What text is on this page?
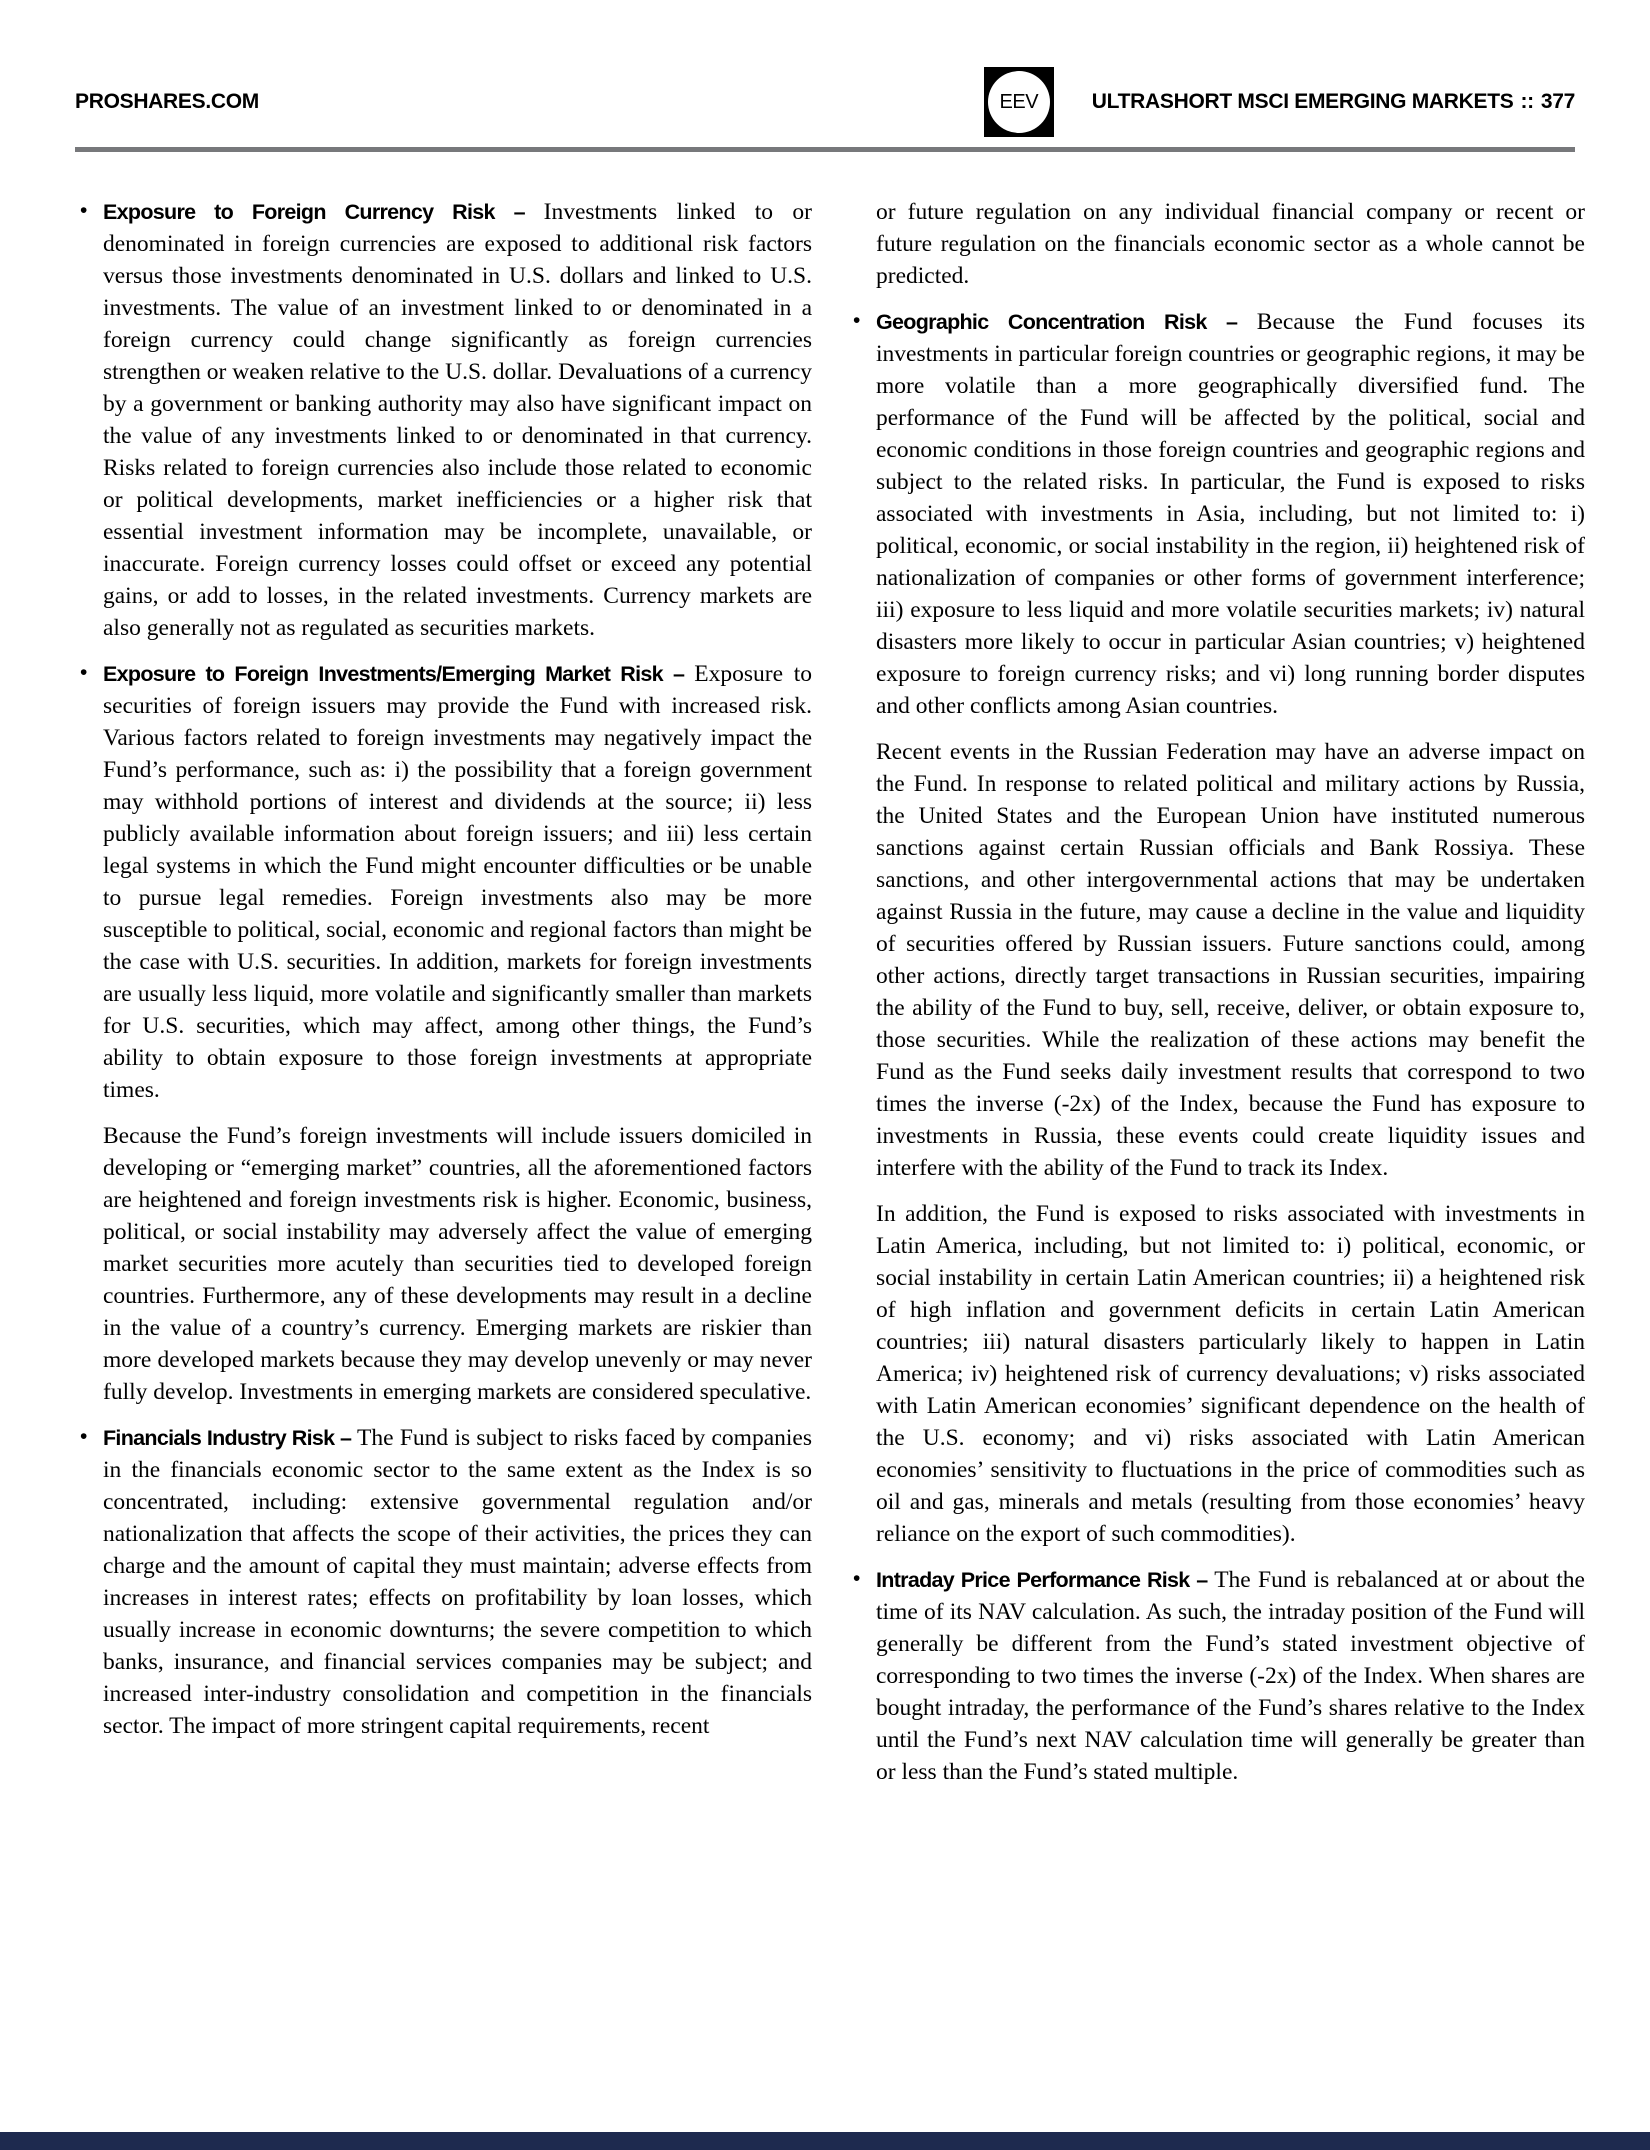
PROSHARES.COM	EEV	ULTRASHORT MSCI EMERGING MARKETS :: 377
• Exposure to Foreign Currency Risk – Investments linked to or denominated in foreign currencies are exposed to additional risk factors versus those investments denominated in U.S. dollars and linked to U.S. investments. The value of an investment linked to or denominated in a foreign currency could change significantly as foreign currencies strengthen or weaken relative to the U.S. dollar. Devaluations of a currency by a government or banking authority may also have significant impact on the value of any investments linked to or denominated in that currency. Risks related to foreign currencies also include those related to economic or political developments, market inefficiencies or a higher risk that essential investment information may be incomplete, unavailable, or inaccurate. Foreign currency losses could offset or exceed any potential gains, or add to losses, in the related investments. Currency markets are also generally not as regulated as securities markets.

• Exposure to Foreign Investments/Emerging Market Risk – Exposure to securities of foreign issuers may provide the Fund with increased risk. Various factors related to foreign investments may negatively impact the Fund’s performance, such as: i) the possibility that a foreign government may withhold portions of interest and dividends at the source; ii) less publicly available information about foreign issuers; and iii) less certain legal systems in which the Fund might encounter difficulties or be unable to pursue legal remedies. Foreign investments also may be more susceptible to political, social, economic and regional factors than might be the case with U.S. securities. In addition, markets for foreign investments are usually less liquid, more volatile and significantly smaller than markets for U.S. securities, which may affect, among other things, the Fund’s ability to obtain exposure to those foreign investments at appropriate times.

Because the Fund’s foreign investments will include issuers domiciled in developing or “emerging market” countries, all the aforementioned factors are heightened and foreign investments risk is higher. Economic, business, political, or social instability may adversely affect the value of emerging market securities more acutely than securities tied to developed foreign countries. Furthermore, any of these developments may result in a decline in the value of a country’s currency. Emerging markets are riskier than more developed markets because they may develop unevenly or may never fully develop. Investments in emerging markets are considered speculative.

• Financials Industry Risk – The Fund is subject to risks faced by companies in the financials economic sector to the same extent as the Index is so concentrated, including: extensive governmental regulation and/or nationalization that affects the scope of their activities, the prices they can charge and the amount of capital they must maintain; adverse effects from increases in interest rates; effects on profitability by loan losses, which usually increase in economic downturns; the severe competition to which banks, insurance, and financial services companies may be subject; and increased inter-industry consolidation and competition in the financials sector. The impact of more stringent capital requirements, recent

or future regulation on any individual financial company or recent or future regulation on the financials economic sector as a whole cannot be predicted.

• Geographic Concentration Risk – Because the Fund focuses its investments in particular foreign countries or geographic regions, it may be more volatile than a more geographically diversified fund. The performance of the Fund will be affected by the political, social and economic conditions in those foreign countries and geographic regions and subject to the related risks. In particular, the Fund is exposed to risks associated with investments in Asia, including, but not limited to: i) political, economic, or social instability in the region, ii) heightened risk of nationalization of companies or other forms of government interference; iii) exposure to less liquid and more volatile securities markets; iv) natural disasters more likely to occur in particular Asian countries; v) heightened exposure to foreign currency risks; and vi) long running border disputes and other conflicts among Asian countries.

Recent events in the Russian Federation may have an adverse impact on the Fund. In response to related political and military actions by Russia, the United States and the European Union have instituted numerous sanctions against certain Russian officials and Bank Rossiya. These sanctions, and other intergovernmental actions that may be undertaken against Russia in the future, may cause a decline in the value and liquidity of securities offered by Russian issuers. Future sanctions could, among other actions, directly target transactions in Russian securities, impairing the ability of the Fund to buy, sell, receive, deliver, or obtain exposure to, those securities. While the realization of these actions may benefit the Fund as the Fund seeks daily investment results that correspond to two times the inverse (-2x) of the Index, because the Fund has exposure to investments in Russia, these events could create liquidity issues and interfere with the ability of the Fund to track its Index.

In addition, the Fund is exposed to risks associated with investments in Latin America, including, but not limited to: i) political, economic, or social instability in certain Latin American countries; ii) a heightened risk of high inflation and government deficits in certain Latin American countries; iii) natural disasters particularly likely to happen in Latin America; iv) heightened risk of currency devaluations; v) risks associated with Latin American economies’ significant dependence on the health of the U.S. economy; and vi) risks associated with Latin American economies’ sensitivity to fluctuations in the price of commodities such as oil and gas, minerals and metals (resulting from those economies’ heavy reliance on the export of such commodities).

• Intraday Price Performance Risk – The Fund is rebalanced at or about the time of its NAV calculation. As such, the intraday position of the Fund will generally be different from the Fund’s stated investment objective of corresponding to two times the inverse (-2x) of the Index. When shares are bought intraday, the performance of the Fund’s shares relative to the Index until the Fund’s next NAV calculation time will generally be greater than or less than the Fund’s stated multiple.
